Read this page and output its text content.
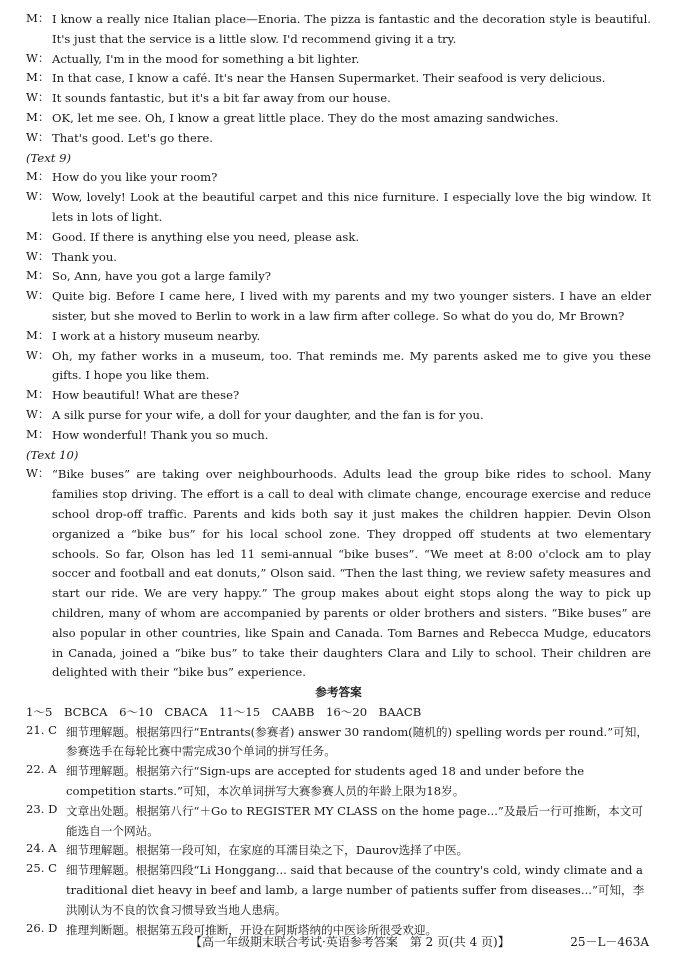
M： I know a really nice Italian place—Enoria. The pizza is fantastic and the decoration style is beautiful. It's just that the service is a little slow. I'd recommend giving it a try.
W： Actually, I'm in the mood for something a bit lighter.
M： In that case, I know a café. It's near the Hansen Supermarket. Their seafood is very delicious.
W： It sounds fantastic, but it's a bit far away from our house.
M： OK, let me see. Oh, I know a great little place. They do the most amazing sandwiches.
W： That's good. Let's go there.
(Text 9)
M： How do you like your room?
W： Wow, lovely! Look at the beautiful carpet and this nice furniture. I especially love the big window. It lets in lots of light.
M： Good. If there is anything else you need, please ask.
W： Thank you.
M： So, Ann, have you got a large family?
W： Quite big. Before I came here, I lived with my parents and my two younger sisters. I have an elder sister, but she moved to Berlin to work in a law firm after college. So what do you do, Mr Brown?
M： I work at a history museum nearby.
W： Oh, my father works in a museum, too. That reminds me. My parents asked me to give you these gifts. I hope you like them.
M： How beautiful! What are these?
W： A silk purse for your wife, a doll for your daughter, and the fan is for you.
M： How wonderful! Thank you so much.
(Text 10)
W： “Bike buses” are taking over neighbourhoods. Adults lead the group bike rides to school. Many families stop driving. The effort is a call to deal with climate change, encourage exercise and reduce school drop-off traffic. Parents and kids both say it just makes the children happier. Devin Olson organized a “bike bus” for his local school zone. They dropped off students at two elementary schools. So far, Olson has led 11 semi-annual “bike buses”. “We meet at 8:00 o'clock am to play soccer and football and eat donuts,” Olson said. “Then the last thing, we review safety measures and start our ride. We are very happy.” The group makes about eight stops along the way to pick up children, many of whom are accompanied by parents or older brothers and sisters. “Bike buses” are also popular in other countries, like Spain and Canada. Tom Barnes and Rebecca Mudge, educators in Canada, joined a “bike bus” to take their daughters Clara and Lily to school. Their children are delighted with their “bike bus” experience.
参考答案
1～5　BCBCA　6～10　CBACA　11～15　CAABB　16～20　BAACB
21. C 细节理解题。根据第四行“Entrants(参赛者) answer 30 random(随机的) spelling words per round.”可知，参赛选手在每轮比赛中需完成30个单词的拼写任务。
22. A 细节理解题。根据第六行“Sign-ups are accepted for students aged 18 and under before the competition starts.”可知，本次单词拼写大赛参赛人员的年龄上限为18岁。
23. D 文章出处题。根据第八行“＋Go to REGISTER MY CLASS on the home page...”及最后一行可推断，本文可能选自一个网站。
24. A 细节理解题。根据第一段可知，在家庭的耳濡目染之下，Daurov选择了中医。
25. C 细节理解题。根据第四段“Li Honggang... said that because of the country's cold, windy climate and a traditional diet heavy in beef and lamb, a large number of patients suffer from diseases...”可知，李洪刚认为不良的饮食习惯导致当地人患病。
26. D 推理判断题。根据第五段可推断，开设在阿斯塔纳的中医诊所很受欢迎。
【高一年级期末联合考试·英语参考答案　第 2 页(共 4 页)】	25－L－463A
